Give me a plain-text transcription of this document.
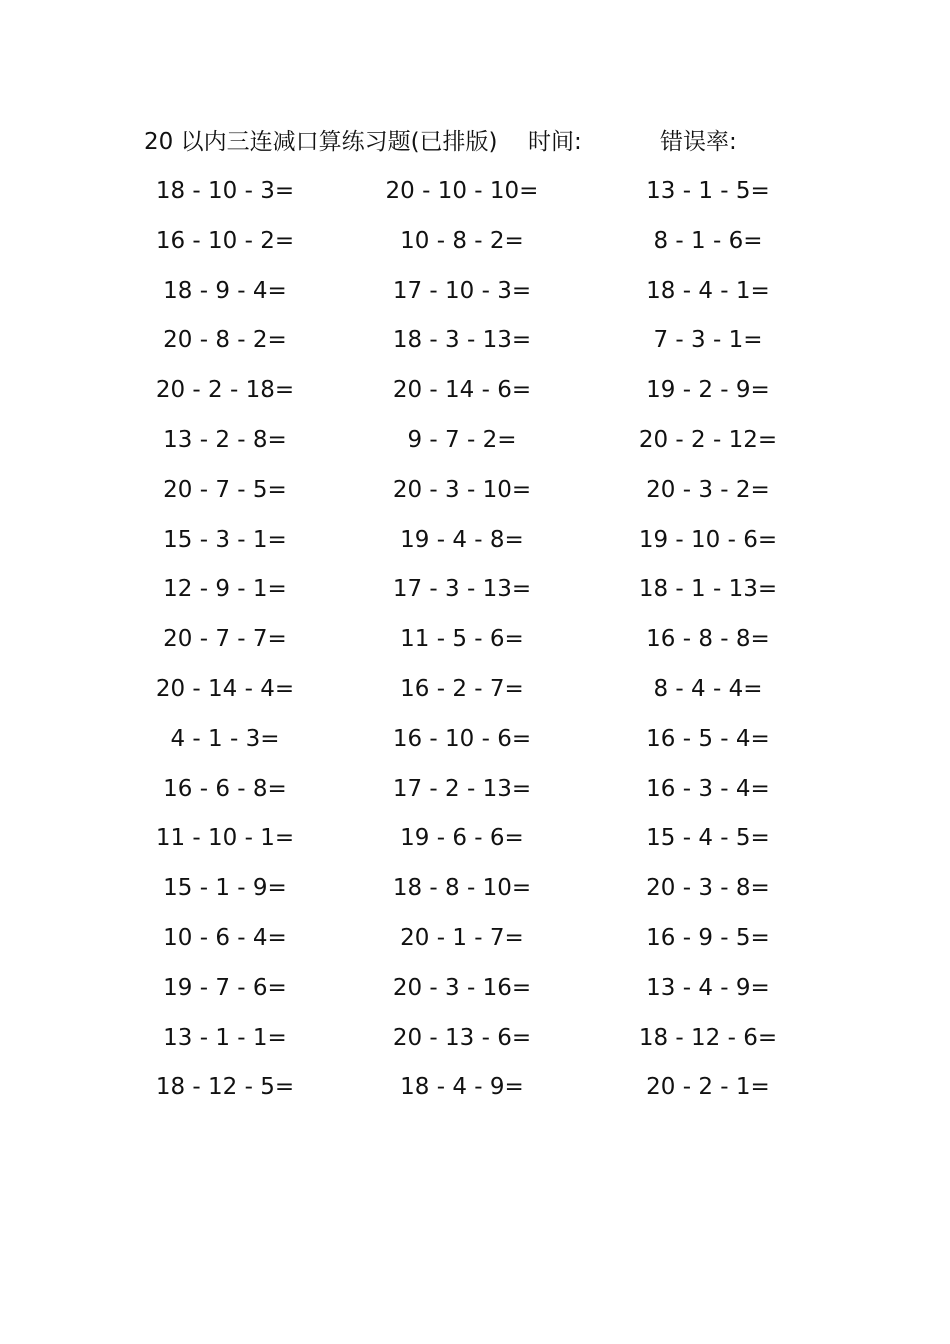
20 以内三连减口算练习题(已排版) 时间:	错误率:
18 - 10 - 3=	20 - 10 - 10=	13 - 1 - 5=
16 - 10 - 2=	10 - 8 - 2=	8 - 1 - 6=
18 - 9 - 4=	17 - 10 - 3=	18 - 4 - 1=
20 - 8 - 2=	18 - 3 - 13=	7 - 3 - 1=
20 - 2 - 18=	20 - 14 - 6=	19 - 2 - 9=
13 - 2 - 8=	9 - 7 - 2=	20 - 2 - 12=
20 - 7 - 5=	20 - 3 - 10=	20 - 3 - 2=
15 - 3 - 1=	19 - 4 - 8=	19 - 10 - 6=
12 - 9 - 1=	17 - 3 - 13=	18 - 1 - 13=
20 - 7 - 7=	11 - 5 - 6=	16 - 8 - 8=
20 - 14 - 4=	16 - 2 - 7=	8 - 4 - 4=
4 - 1 - 3=	16 - 10 - 6=	16 - 5 - 4=
16 - 6 - 8=	17 - 2 - 13=	16 - 3 - 4=
11 - 10 - 1=	19 - 6 - 6=	15 - 4 - 5=
15 - 1 - 9=	18 - 8 - 10=	20 - 3 - 8=
10 - 6 - 4=	20 - 1 - 7=	16 - 9 - 5=
19 - 7 - 6=	20 - 3 - 16=	13 - 4 - 9=
13 - 1 - 1=	20 - 13 - 6=	18 - 12 - 6=
18 - 12 - 5=	18 - 4 - 9=	20 - 2 - 1=
